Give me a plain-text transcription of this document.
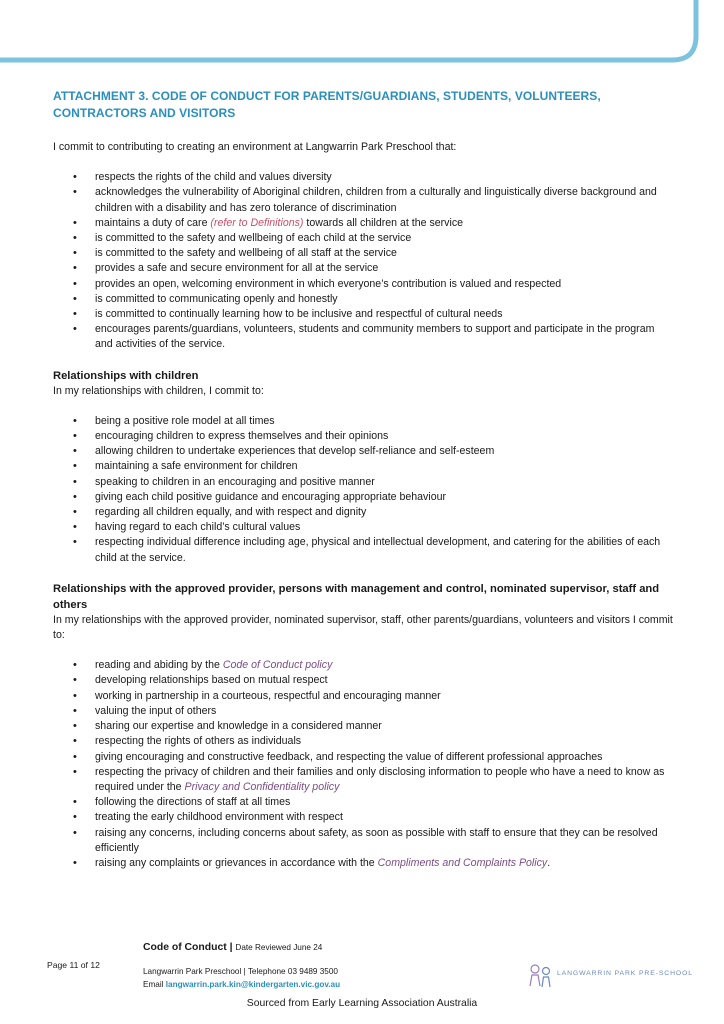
ATTACHMENT 3. CODE OF CONDUCT FOR PARENTS/GUARDIANS, STUDENTS, VOLUNTEERS, CONTRACTORS AND VISITORS

I commit to contributing to creating an environment at Langwarrin Park Preschool that:

• respects the rights of the child and values diversity
• acknowledges the vulnerability of Aboriginal children, children from a culturally and linguistically diverse background and children with a disability and has zero tolerance of discrimination
• maintains a duty of care (refer to Definitions) towards all children at the service
• is committed to the safety and wellbeing of each child at the service
• is committed to the safety and wellbeing of all staff at the service
• provides a safe and secure environment for all at the service
• provides an open, welcoming environment in which everyone’s contribution is valued and respected
• is committed to communicating openly and honestly
• is committed to continually learning how to be inclusive and respectful of cultural needs
• encourages parents/guardians, volunteers, students and community members to support and participate in the program and activities of the service.
Relationships with children

In my relationships with children, I commit to:

• being a positive role model at all times
• encouraging children to express themselves and their opinions
• allowing children to undertake experiences that develop self-reliance and self-esteem
• maintaining a safe environment for children
• speaking to children in an encouraging and positive manner
• giving each child positive guidance and encouraging appropriate behaviour
• regarding all children equally, and with respect and dignity
• having regard to each child’s cultural values
• respecting individual difference including age, physical and intellectual development, and catering for the abilities of each child at the service.
Relationships with the approved provider, persons with management and control, nominated supervisor, staff and others

In my relationships with the approved provider, nominated supervisor, staff, other parents/guardians, volunteers and visitors I commit to:

• reading and abiding by the Code of Conduct policy
• developing relationships based on mutual respect
• working in partnership in a courteous, respectful and encouraging manner
• valuing the input of others
• sharing our expertise and knowledge in a considered manner
• respecting the rights of others as individuals
• giving encouraging and constructive feedback, and respecting the value of different professional approaches
• respecting the privacy of children and their families and only disclosing information to people who have a need to know as required under the Privacy and Confidentiality policy
• following the directions of staff at all times
• treating the early childhood environment with respect
• raising any concerns, including concerns about safety, as soon as possible with staff to ensure that they can be resolved efficiently
• raising any complaints or grievances in accordance with the Compliments and Complaints Policy.
Page 11 of 12
Code of Conduct | Date Reviewed June 24
Langwarrin Park Preschool | Telephone 03 9489 3500
Email langwarrin.park.kin@kindergarten.vic.gov.au
LANGWARRIN PARK PRE-SCHOOL
Sourced from Early Learning Association Australia
